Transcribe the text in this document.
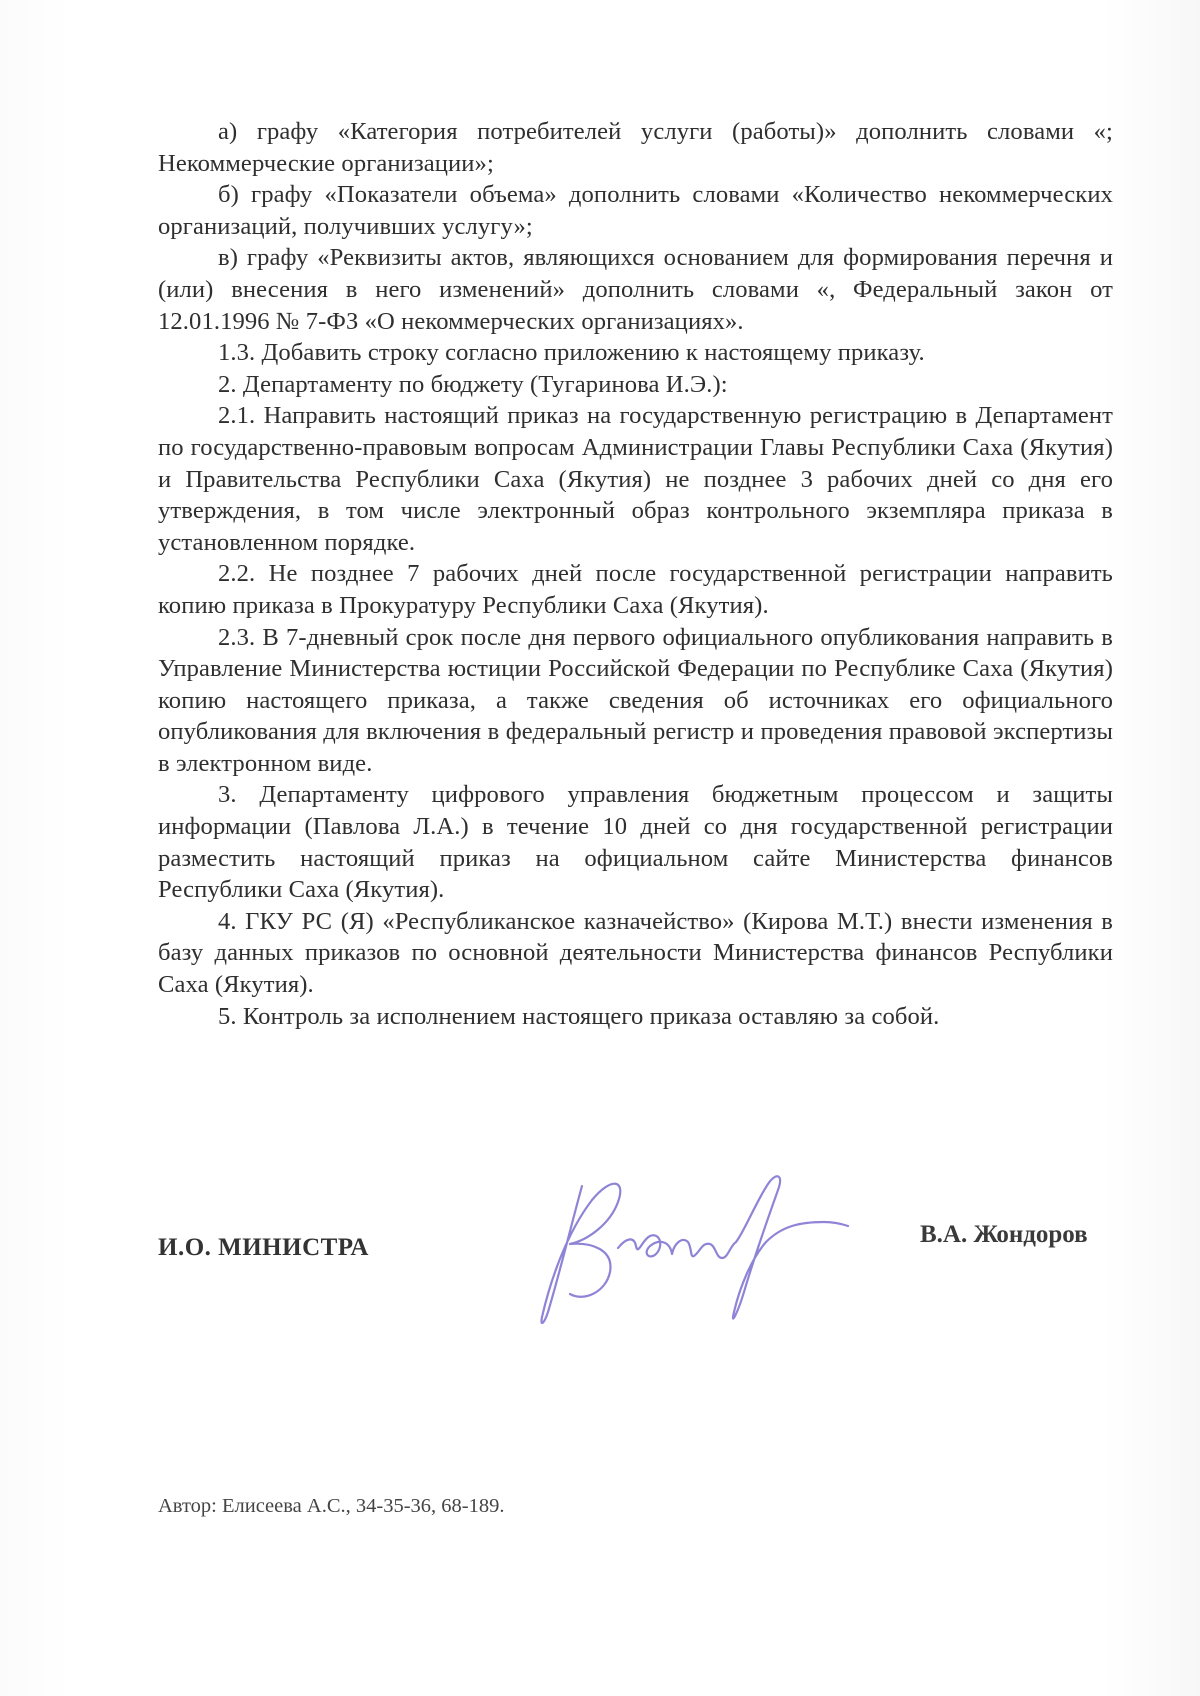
а) графу «Категория потребителей услуги (работы)» дополнить словами «; Некоммерческие организации»;

б) графу «Показатели объема» дополнить словами «Количество некоммерческих организаций, получивших услугу»;

в) графу «Реквизиты актов, являющихся основанием для формирования перечня и (или) внесения в него изменений» дополнить словами «, Федеральный закон от 12.01.1996 № 7-ФЗ «О некоммерческих организациях».

1.3. Добавить строку согласно приложению к настоящему приказу.

2. Департаменту по бюджету (Тугаринова И.Э.):

2.1. Направить настоящий приказ на государственную регистрацию в Департамент по государственно-правовым вопросам Администрации Главы Республики Саха (Якутия) и Правительства Республики Саха (Якутия) не позднее 3 рабочих дней со дня его утверждения, в том числе электронный образ контрольного экземпляра приказа в установленном порядке.

2.2. Не позднее 7 рабочих дней после государственной регистрации направить копию приказа в Прокуратуру Республики Саха (Якутия).

2.3. В 7-дневный срок после дня первого официального опубликования направить в Управление Министерства юстиции Российской Федерации по Республике Саха (Якутия) копию настоящего приказа, а также сведения об источниках его официального опубликования для включения в федеральный регистр и проведения правовой экспертизы в электронном виде.

3. Департаменту цифрового управления бюджетным процессом и защиты информации (Павлова Л.А.) в течение 10 дней со дня государственной регистрации разместить настоящий приказ на официальном сайте Министерства финансов Республики Саха (Якутия).

4. ГКУ РС (Я) «Республиканское казначейство» (Кирова М.Т.) внести изменения в базу данных приказов по основной деятельности Министерства финансов Республики Саха (Якутия).

5. Контроль за исполнением настоящего приказа оставляю за собой.

И.О. МИНИСТРА	В.А. Жондоров
Автор: Елисеева А.С., 34-35-36, 68-189.
